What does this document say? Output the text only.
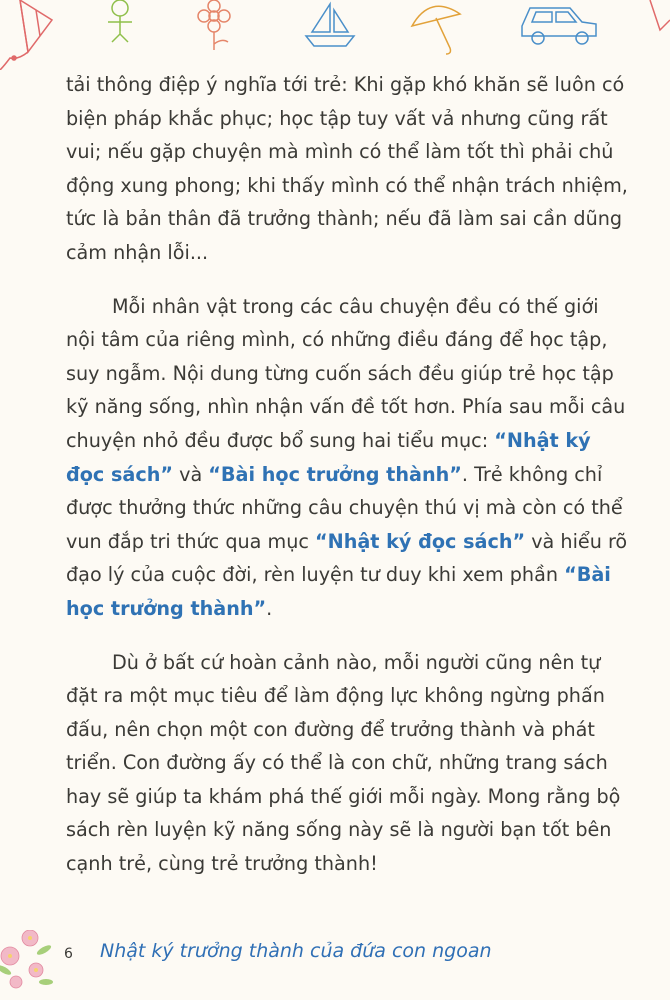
tải thông điệp ý nghĩa tới trẻ: Khi gặp khó khăn sẽ luôn có biện pháp khắc phục; học tập tuy vất vả nhưng cũng rất vui; nếu gặp chuyện mà mình có thể làm tốt thì phải chủ động xung phong; khi thấy mình có thể nhận trách nhiệm, tức là bản thân đã trưởng thành; nếu đã làm sai cần dũng cảm nhận lỗi...

Mỗi nhân vật trong các câu chuyện đều có thế giới nội tâm của riêng mình, có những điều đáng để học tập, suy ngẫm. Nội dung từng cuốn sách đều giúp trẻ học tập kỹ năng sống, nhìn nhận vấn đề tốt hơn. Phía sau mỗi câu chuyện nhỏ đều được bổ sung hai tiểu mục: “Nhật ký đọc sách” và “Bài học trưởng thành”. Trẻ không chỉ được thưởng thức những câu chuyện thú vị mà còn có thể vun đắp tri thức qua mục “Nhật ký đọc sách” và hiểu rõ đạo lý của cuộc đời, rèn luyện tư duy khi xem phần “Bài học trưởng thành”.

Dù ở bất cứ hoàn cảnh nào, mỗi người cũng nên tự đặt ra một mục tiêu để làm động lực không ngừng phấn đấu, nên chọn một con đường để trưởng thành và phát triển. Con đường ấy có thể là con chữ, những trang sách hay sẽ giúp ta khám phá thế giới mỗi ngày. Mong rằng bộ sách rèn luyện kỹ năng sống này sẽ là người bạn tốt bên cạnh trẻ, cùng trẻ trưởng thành!

6 Nhật ký trưởng thành của đứa con ngoan
